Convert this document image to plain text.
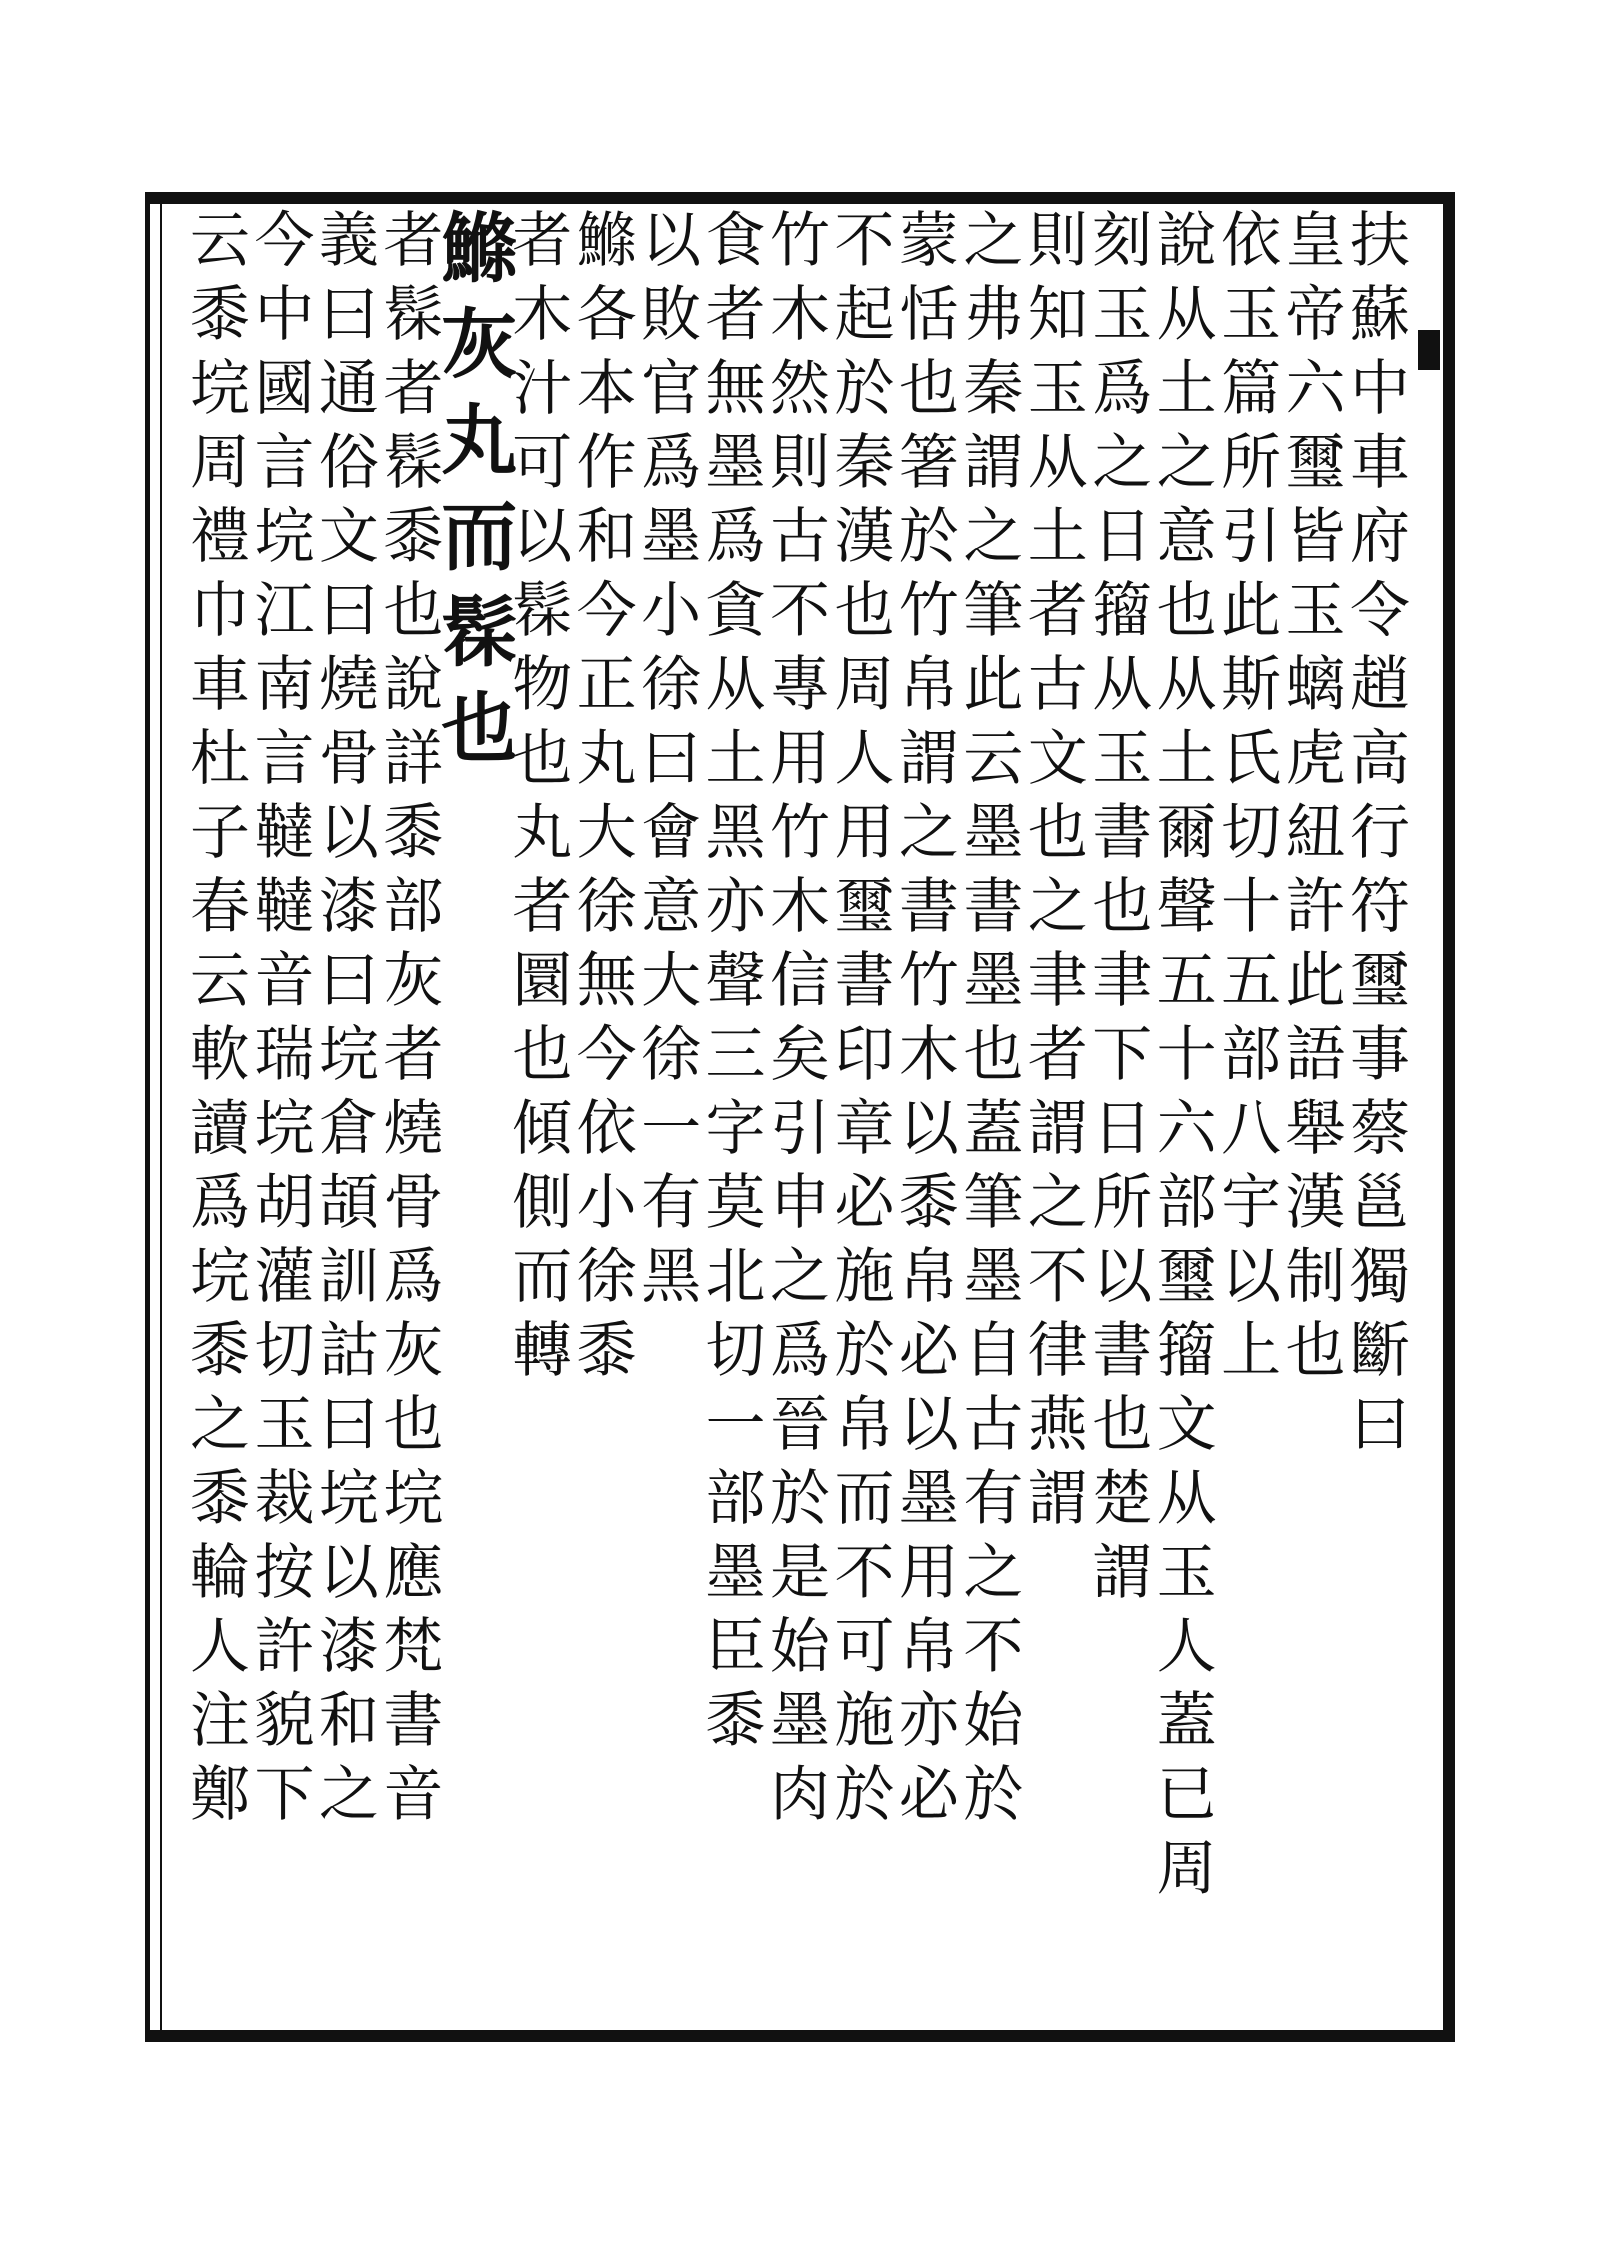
扶蘇中車府令趙高行符璽事蔡邕獨斷曰
皇帝六璽皆玉螭虎紐許此語舉漢制也
依玉篇所引此斯氏切十五部八宇以上
說从土之意也从土爾聲五十六部璽籀文从玉人蓋已周
刻玉爲之日籀从玉書也聿下日所以書也楚謂
則知玉从土者古文也之聿者謂之不律燕謂
之弗秦謂之筆此云墨書墨也蓋筆墨自古有之不始於
蒙恬也箸於竹帛謂之書竹木以黍帛必以墨用帛亦必
不起於秦漢也周人用璽書印章必施於帛而不可施於
竹木然則古不專用竹木信矣引申之爲晉於是始墨肉
食者無墨爲貪从土黑亦聲三字莫北切一部墨臣黍
以敗官爲墨小徐曰會意大徐一有黑
鰷各本作和今正丸大徐無今依小徐黍
者木汁可以髹物也丸者圜也傾側而轉
鰷灰丸而髹也
者髹者髹黍也說詳黍部灰者燒骨爲灰也垸應梵書音
義曰通俗文曰燒骨以漆曰垸倉頡訓詁曰垸以漆和之
今中國言垸江南言韃韃音瑞垸胡灌切玉裁按許貌下
云黍垸周禮巾車杜子春云軟讀爲垸黍之黍輪人注鄭
